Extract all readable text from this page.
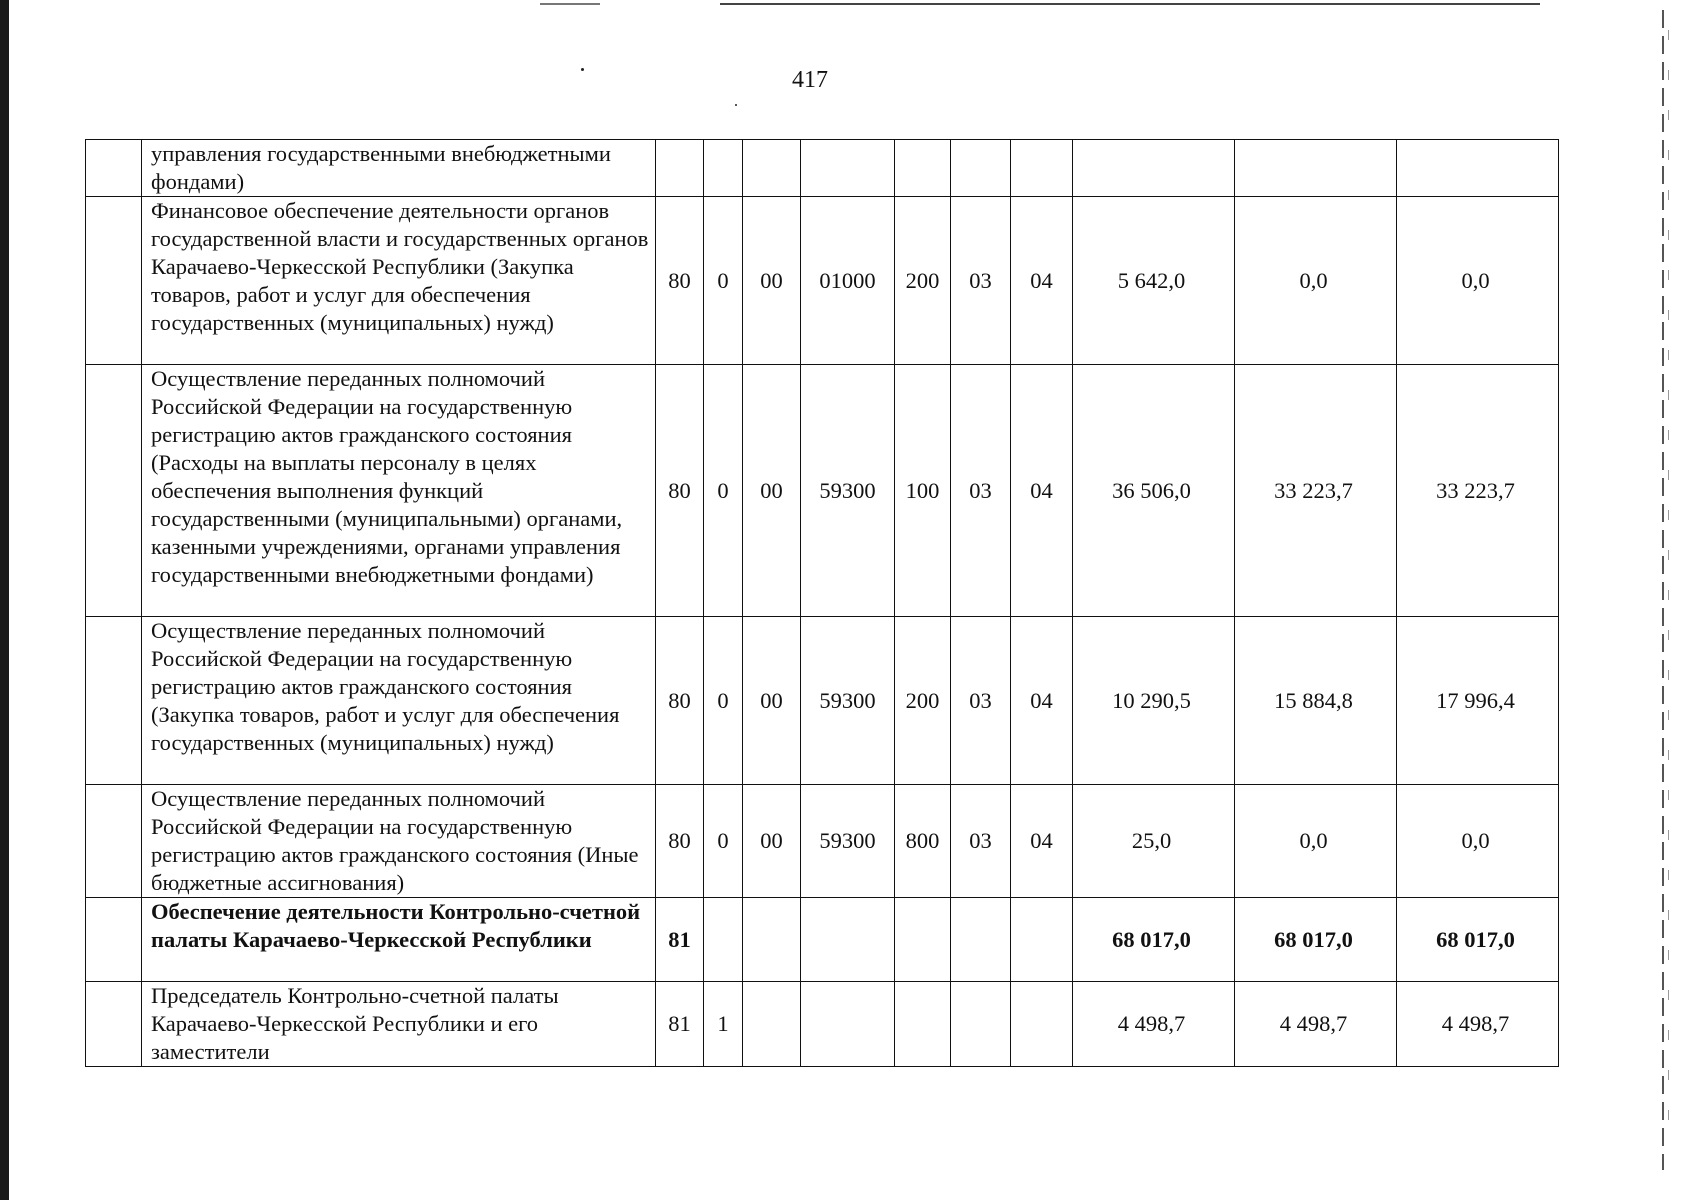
417
	управления государственными внебюджетными фондами)										
	Финансовое обеспечение деятельности органов государственной власти и государственных органов Карачаево-Черкесской Республики (Закупка товаров, работ и услуг для обеспечения государственных (муниципальных) нужд)	80	0	00	01000	200	03	04	5 642,0	0,0	0,0
	Осуществление переданных полномочий Российской Федерации на государственную регистрацию актов гражданского состояния (Расходы на выплаты персоналу в целях обеспечения выполнения функций государственными (муниципальными) органами, казенными учреждениями, органами управления государственными внебюджетными фондами)	80	0	00	59300	100	03	04	36 506,0	33 223,7	33 223,7
	Осуществление переданных полномочий Российской Федерации на государственную регистрацию актов гражданского состояния (Закупка товаров, работ и услуг для обеспечения государственных (муниципальных) нужд)	80	0	00	59300	200	03	04	10 290,5	15 884,8	17 996,4
	Осуществление переданных полномочий Российской Федерации на государственную регистрацию актов гражданского состояния (Иные бюджетные ассигнования)	80	0	00	59300	800	03	04	25,0	0,0	0,0
	Обеспечение деятельности Контрольно-счетной палаты Карачаево-Черкесской Республики	81							68 017,0	68 017,0	68 017,0
	Председатель Контрольно-счетной палаты Карачаево-Черкесской Республики и его заместители	81	1						4 498,7	4 498,7	4 498,7
